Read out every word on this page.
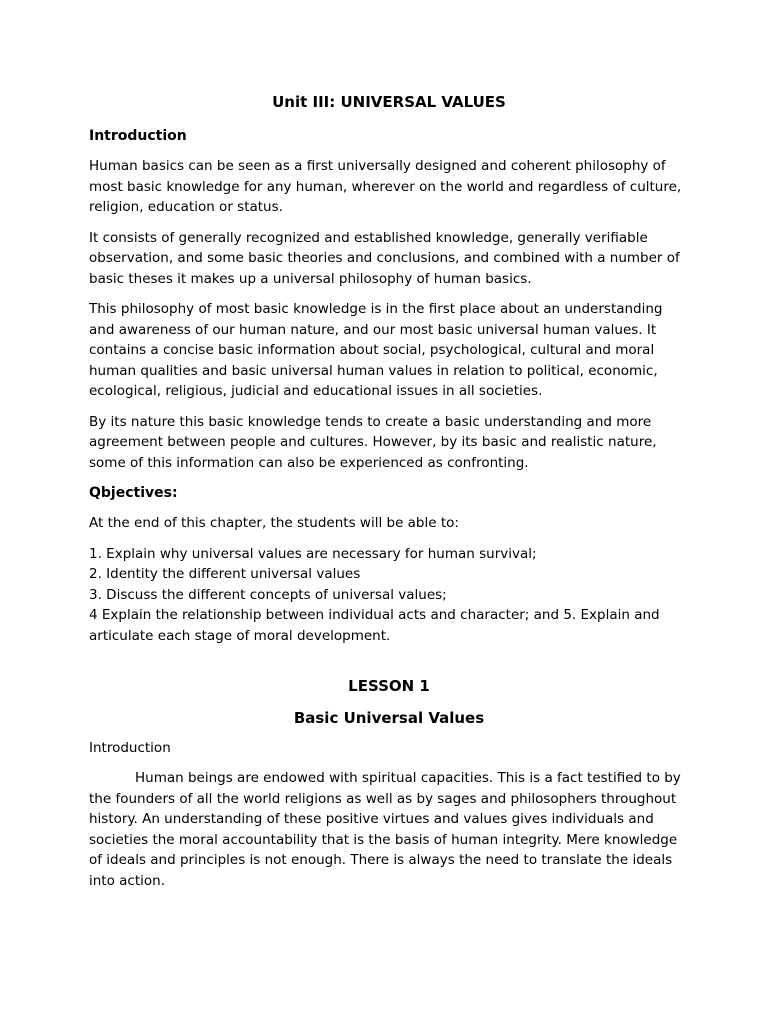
Unit III: UNIVERSAL VALUES
Introduction

Human basics can be seen as a first universally designed and coherent philosophy of most basic knowledge for any human, wherever on the world and regardless of culture, religion, education or status.

It consists of generally recognized and established knowledge, generally verifiable observation, and some basic theories and conclusions, and combined with a number of basic theses it makes up a universal philosophy of human basics.

This philosophy of most basic knowledge is in the first place about an understanding and awareness of our human nature, and our most basic universal human values. It contains a concise basic information about social, psychological, cultural and moral human qualities and basic universal human values in relation to political, economic, ecological, religious, judicial and educational issues in all societies.

By its nature this basic knowledge tends to create a basic understanding and more agreement between people and cultures. However, by its basic and realistic nature, some of this information can also be experienced as confronting.

Qbjectives:

At the end of this chapter, the students will be able to:

1. Explain why universal values are necessary for human survival;

2. Identity the different universal values

3. Discuss the different concepts of universal values;

4 Explain the relationship between individual acts and character; and 5. Explain and articulate each stage of moral development.

LESSON 1
Basic Universal Values
Introduction

Human beings are endowed with spiritual capacities. This is a fact testified to by the founders of all the world religions as well as by sages and philosophers throughout history. An understanding of these positive virtues and values gives individuals and societies the moral accountability that is the basis of human integrity. Mere knowledge of ideals and principles is not enough. There is always the need to translate the ideals into action.
